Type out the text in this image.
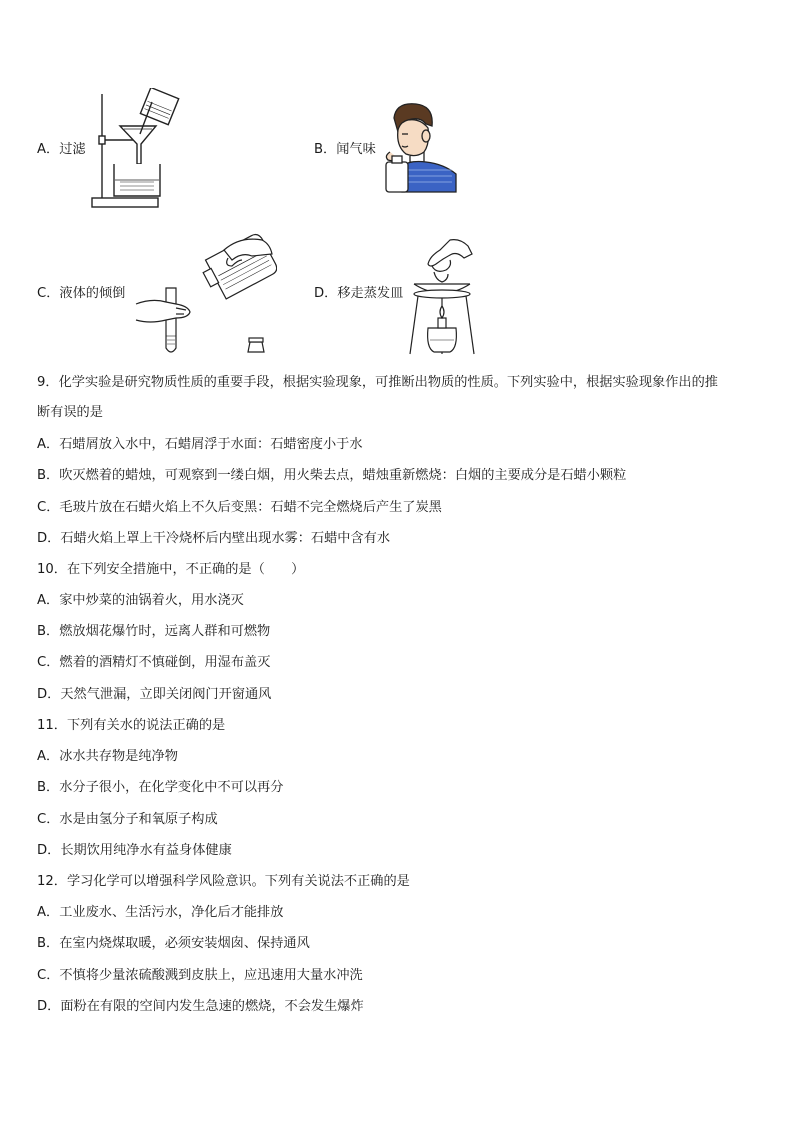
A．过滤	B．闻气味
C．液体的倾倒	D．移走蒸发皿
9．化学实验是研究物质性质的重要手段，根据实验现象，可推断出物质的性质。下列实验中，根据实验现象作出的推
断有误的是
A．石蜡屑放入水中，石蜡屑浮于水面：石蜡密度小于水
B．吹灭燃着的蜡烛，可观察到一缕白烟，用火柴去点，蜡烛重新燃烧：白烟的主要成分是石蜡小颗粒
C．毛玻片放在石蜡火焰上不久后变黑：石蜡不完全燃烧后产生了炭黑
D．石蜡火焰上罩上干冷烧杯后内壁出现水雾：石蜡中含有水
10．在下列安全措施中，不正确的是（　　）
A．家中炒菜的油锅着火，用水浇灭
B．燃放烟花爆竹时，远离人群和可燃物
C．燃着的酒精灯不慎碰倒，用湿布盖灭
D．天然气泄漏，立即关闭阀门开窗通风
11．下列有关水的说法正确的是
A．冰水共存物是纯净物
B．水分子很小，在化学变化中不可以再分
C．水是由氢分子和氧原子构成
D．长期饮用纯净水有益身体健康
12．学习化学可以增强科学风险意识。下列有关说法不正确的是
A．工业废水、生活污水，净化后才能排放
B．在室内烧煤取暖，必须安装烟囱、保持通风
C．不慎将少量浓硫酸溅到皮肤上，应迅速用大量水冲洗
D．面粉在有限的空间内发生急速的燃烧，不会发生爆炸
